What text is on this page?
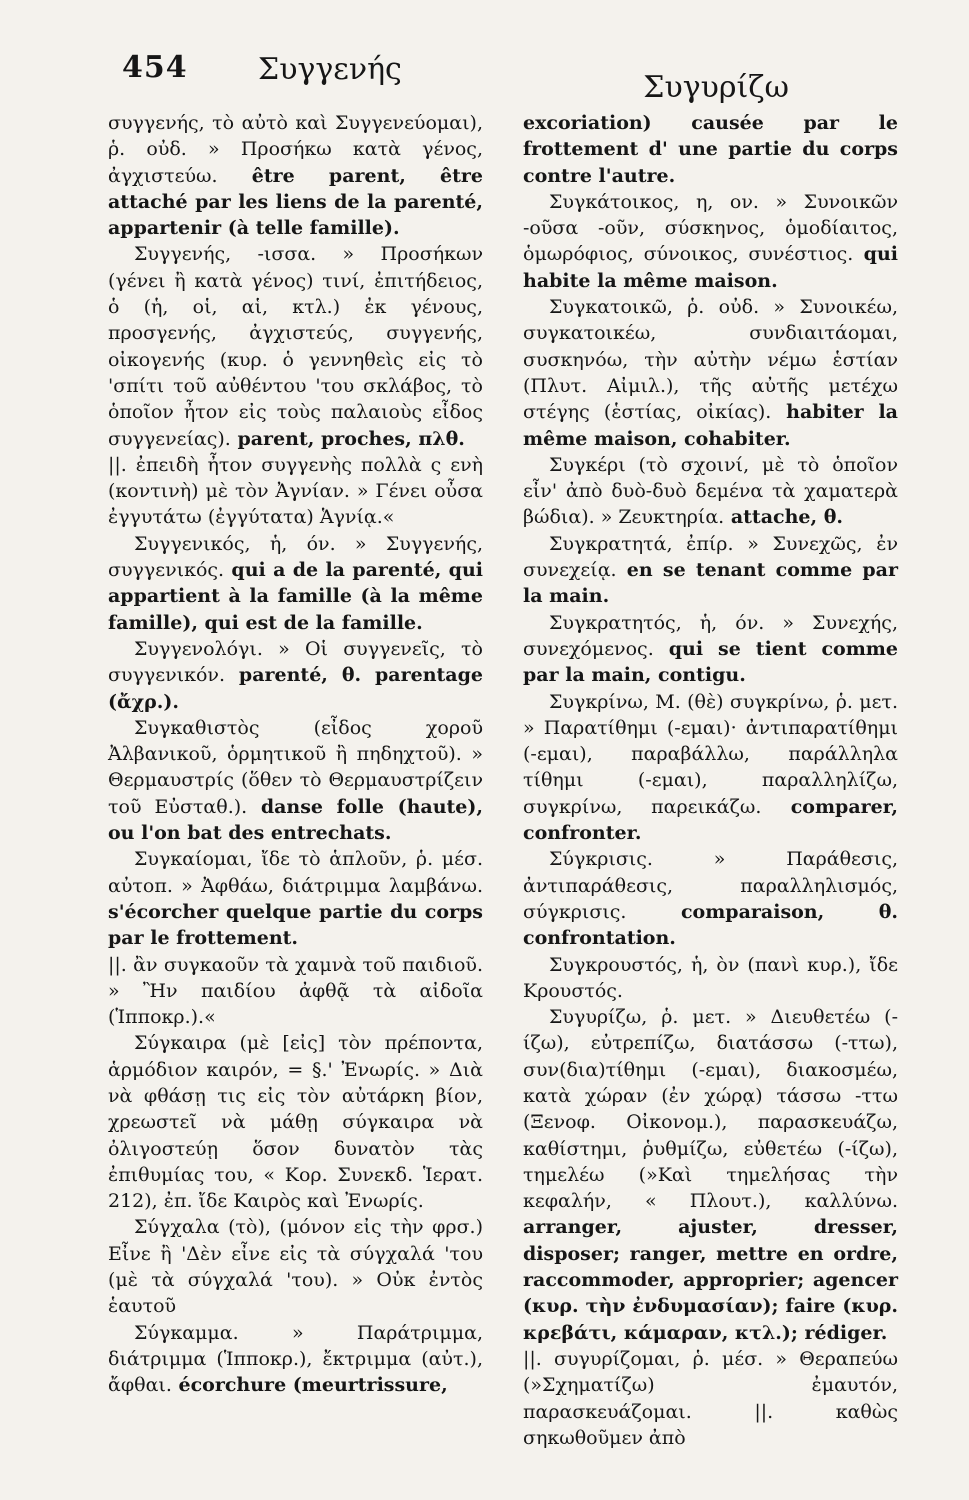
454 Συγγενής
Συγυρίζω

συγγενής, τὸ αὐτὸ καὶ Συγγενεύομαι), ῥ. οὐδ. » Προσήκω κατὰ γένος, ἀγχιστεύω. être parent, être attaché par les liens de la parenté, appartenir (à telle famille).

Συγγενής, -ισσα. » Προσήκων (γένει ἢ κατὰ γένος) τινί, ἐπιτήδειος, ὁ (ἡ, οἱ, αἱ, κτλ.) ἐκ γένους, προσγενής, ἀγχιστεύς, συγγενής, οἰκογενής (κυρ. ὁ γεννηθεὶς εἰς τὸ 'σπίτι τοῦ αὐθέντου 'του σκλάβος, τὸ ὁποῖον ἦτον εἰς τοὺς παλαιοὺς εἶδος συγγενείας). parent, proches, πλθ.

||. ἐπειδὴ ἦτον συγγενὴς πολλὰ ς ενὴ (κοντινὴ) μὲ τὸν Ἀγνίαν. » Γένει οὖσα ἐγγυτάτω (ἐγγύτατα) Ἁγνίᾳ.«

Συγγενικός, ἡ, όν. » Συγγενής, συγγενικός. qui a de la parenté, qui appartient à la famille (à la même famille), qui est de la famille.

Συγγενολόγι. » Οἱ συγγενεῖς, τὸ συγγενικόν. parenté, θ. parentage (ἄχρ.).

Συγκαθιστὸς (εἶδος χοροῦ Ἀλβανικοῦ, ὁρμητικοῦ ἢ πηδηχτοῦ). » Θερμαυστρίς (ὅθεν τὸ Θερμαυστρίζειν τοῦ Εὐσταθ.). danse folle (haute), ou l'on bat des entrechats.

Συγκαίομαι, ἴδε τὸ ἁπλοῦν, ῥ. μέσ. αὐτοπ. » Ἀφθάω, διάτριμμα λαμβάνω. s'écorcher quelque partie du corps par le frottement.

||. ἂν συγκαοῦν τὰ χαμνὰ τοῦ παιδιοῦ. » Ἢν παιδίου ἀφθᾷ τὰ αἰδοῖα (Ἱπποκρ.).«

Σύγκαιρα (μὲ [εἰς] τὸν πρέποντα, ἁρμόδιον καιρόν, = §.' Ἐνωρίς. » Διὰ νὰ φθάσῃ τις εἰς τὸν αὐτάρκη βίον, χρεωστεῖ νὰ μάθῃ σύγκαιρα νὰ ὀλιγοστεύῃ ὅσον δυνατὸν τὰς ἐπιθυμίας του, « Κορ. Συνεκδ. Ἱερατ. 212), ἐπ. ἴδε Καιρὸς καὶ Ἐνωρίς.

Σύγχαλα (τὸ), (μόνον εἰς τὴν φρσ.) Εἶνε ἢ 'Δὲν εἶνε εἰς τὰ σύγχαλά 'του (μὲ τὰ σύγχαλά 'του). » Οὐκ ἐντὸς ἑαυτοῦ

Σύγκαμμα. » Παράτριμμα, διάτριμμα (Ἱπποκρ.), ἔκτριμμα (αὐτ.), ἄφθαι. écorchure (meurtrissure,

excoriation) causée par le frottement d' une partie du corps contre l'autre.

Συγκάτοικος, η, ον. » Συνοικῶν -οῦσα -οῦν, σύσκηνος, ὁμοδίαιτος, ὁμωρόφιος, σύνοικος, συνέστιος. qui habite la même maison.

Συγκατοικῶ, ῥ. οὐδ. » Συνοικέω, συγκατοικέω, συνδιαιτάομαι, συσκηνόω, τὴν αὐτὴν νέμω ἑστίαν (Πλυτ. Αἰμιλ.), τῆς αὐτῆς μετέχω στέγης (ἑστίας, οἰκίας). habiter la même maison, cohabiter.

Συγκέρι (τὸ σχοινί, μὲ τὸ ὁποῖον εἶν' ἀπὸ δυὸ-δυὸ δεμένα τὰ χαματερὰ βώδια). » Ζευκτηρία. attache, θ.

Συγκρατητά, ἐπίρ. » Συνεχῶς, ἐν συνεχείᾳ. en se tenant comme par la main.

Συγκρατητός, ἡ, όν. » Συνεχής, συνεχόμενος. qui se tient comme par la main, contigu.

Συγκρίνω, Μ. (θὲ) συγκρίνω, ῥ. μετ. » Παρατίθημι (-εμαι)· ἀντιπαρατίθημι (-εμαι), παραβάλλω, παράλληλα τίθημι (-εμαι), παραλληλίζω, συγκρίνω, παρεικάζω. comparer, confronter.

Σύγκρισις. » Παράθεσις, ἀντιπαράθεσις, παραλληλισμός, σύγκρισις. comparaison, θ. confrontation.

Συγκρουστός, ἡ, ὸν (πανὶ κυρ.), ἴδε Κρουστός.

Συγυρίζω, ῥ. μετ. » Διευθετέω (-ίζω), εὐτρεπίζω, διατάσσω (-ττω), συν(δια)τίθημι (-εμαι), διακοσμέω, κατὰ χώραν (ἐν χώρᾳ) τάσσω -ττω (Ξενοφ. Οἰκονομ.), παρασκευάζω, καθίστημι, ῥυθμίζω, εὐθετέω (-ίζω), τημελέω (»Καὶ τημελήσας τὴν κεφαλήν, « Πλουτ.), καλλύνω. arranger, ajuster, dresser, disposer; ranger, mettre en ordre, raccommoder, approprier; agencer (κυρ. τὴν ἐνδυμασίαν); faire (κυρ. κρεβάτι, κάμαραν, κτλ.); rédiger.

||. συγυρίζομαι, ῥ. μέσ. » Θεραπεύω (»Σχηματίζω) ἐμαυτόν, παρασκευάζομαι. ||. καθὼς σηκωθοῦμεν ἀπὸ
